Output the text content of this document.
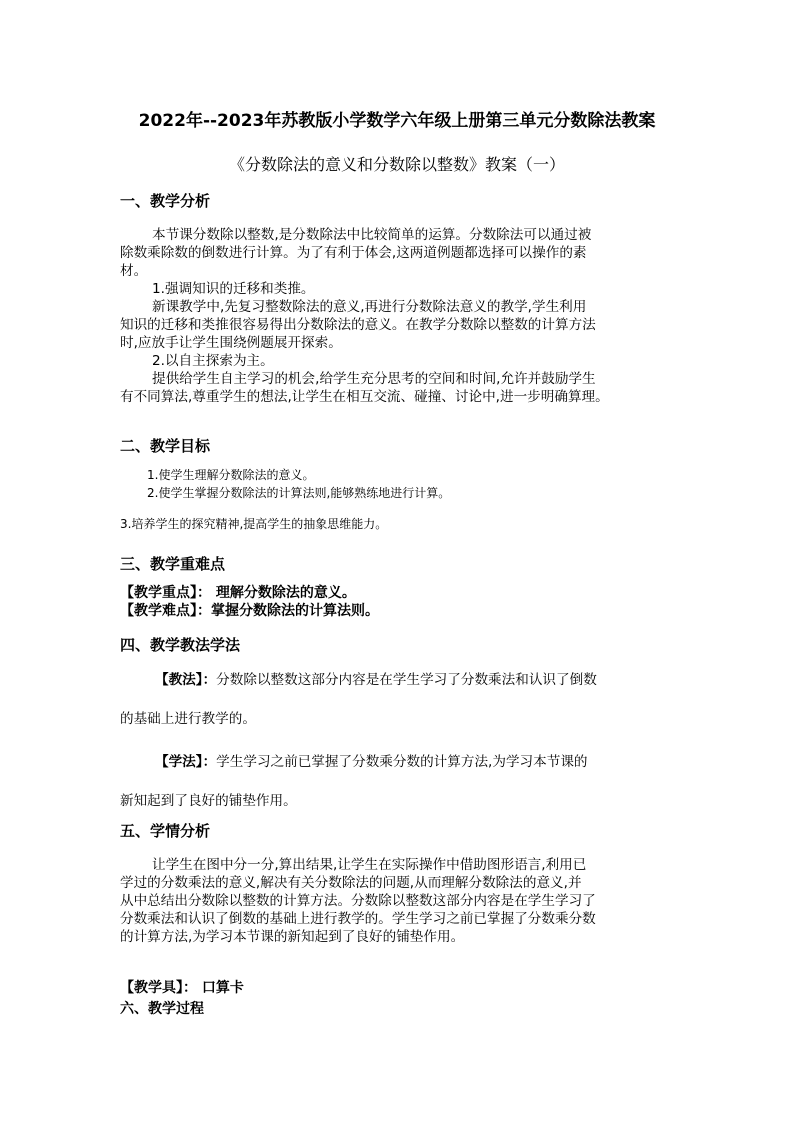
2022年--2023年苏教版小学数学六年级上册第三单元分数除法教案
《分数除法的意义和分数除以整数》教案（一）
一、教学分析
本节课分数除以整数,是分数除法中比较简单的运算。分数除法可以通过被
除数乘除数的倒数进行计算。为了有利于体会,这两道例题都选择可以操作的素
材。
1.强调知识的迁移和类推。
新课教学中,先复习整数除法的意义,再进行分数除法意义的教学,学生利用
知识的迁移和类推很容易得出分数除法的意义。在教学分数除以整数的计算方法
时,应放手让学生围绕例题展开探索。
2.以自主探索为主。
提供给学生自主学习的机会,给学生充分思考的空间和时间,允许并鼓励学生
有不同算法,尊重学生的想法,让学生在相互交流、碰撞、讨论中,进一步明确算理。
二、教学目标
1.使学生理解分数除法的意义。
2.使学生掌握分数除法的计算法则,能够熟练地进行计算。
3.培养学生的探究精神,提高学生的抽象思维能力。
三、教学重难点
【教学重点】： 理解分数除法的意义。
【教学难点】：掌握分数除法的计算法则。
四、教学教法学法
【教法】：分数除以整数这部分内容是在学生学习了分数乘法和认识了倒数
的基础上进行教学的。
【学法】：学生学习之前已掌握了分数乘分数的计算方法,为学习本节课的
新知起到了良好的铺垫作用。
五、学情分析
让学生在图中分一分,算出结果,让学生在实际操作中借助图形语言,利用已
学过的分数乘法的意义,解决有关分数除法的问题,从而理解分数除法的意义,并
从中总结出分数除以整数的计算方法。分数除以整数这部分内容是在学生学习了
分数乘法和认识了倒数的基础上进行教学的。学生学习之前已掌握了分数乘分数
的计算方法,为学习本节课的新知起到了良好的铺垫作用。
【教学具】： 口算卡
六、教学过程
